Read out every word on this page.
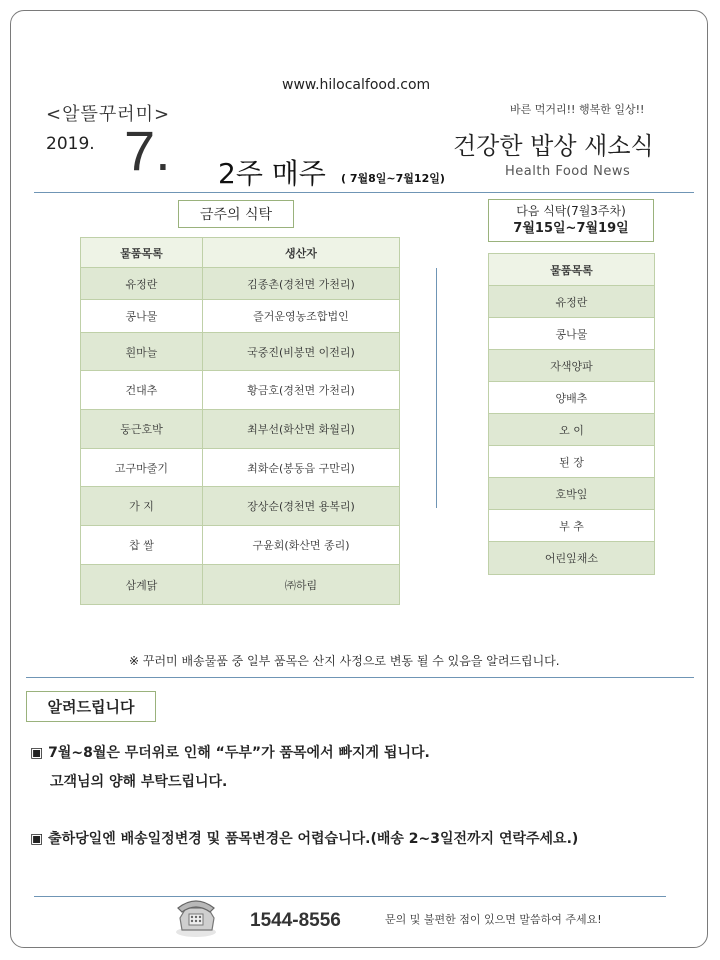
www.hilocalfood.com
<알뜰꾸러미>
2019. 7. 2주 매주 ( 7월8일~7월12일)
바른 먹거리!! 행복한 일상!!
건강한 밥상 새소식
Health Food News
금주의 식탁
물품목록	생산자
유정란	김종촌(경천면 가천리)
콩나물	즐거운영농조합법인
흰마늘	국중진(비봉면 이전리)
건대추	황금호(경천면 가천리)
둥근호박	최부선(화산면 화월리)
고구마줄기	최화순(봉동읍 구만리)
가 지	장상순(경천면 용복리)
찹 쌀	구윤회(화산면 종리)
삼계닭	㈜하림
다음 식탁(7월3주차)
7월15일~7월19일
물품목록
유정란
콩나물
자색양파
양배추
오 이
된 장
호박잎
부 추
어린잎채소
※ 꾸러미 배송물품 중 일부 품목은 산지 사정으로 변동 될 수 있음을 알려드립니다.
알려드립니다
▣ 7월~8월은 무더위로 인해 “두부”가 품목에서 빠지게 됩니다.
고객님의 양해 부탁드립니다.
▣ 출하당일엔 배송일정변경 및 품목변경은 어렵습니다.(배송 2~3일전까지 연락주세요.)
1544-8556	문의 및 불편한 점이 있으면 말씀하여 주세요!
